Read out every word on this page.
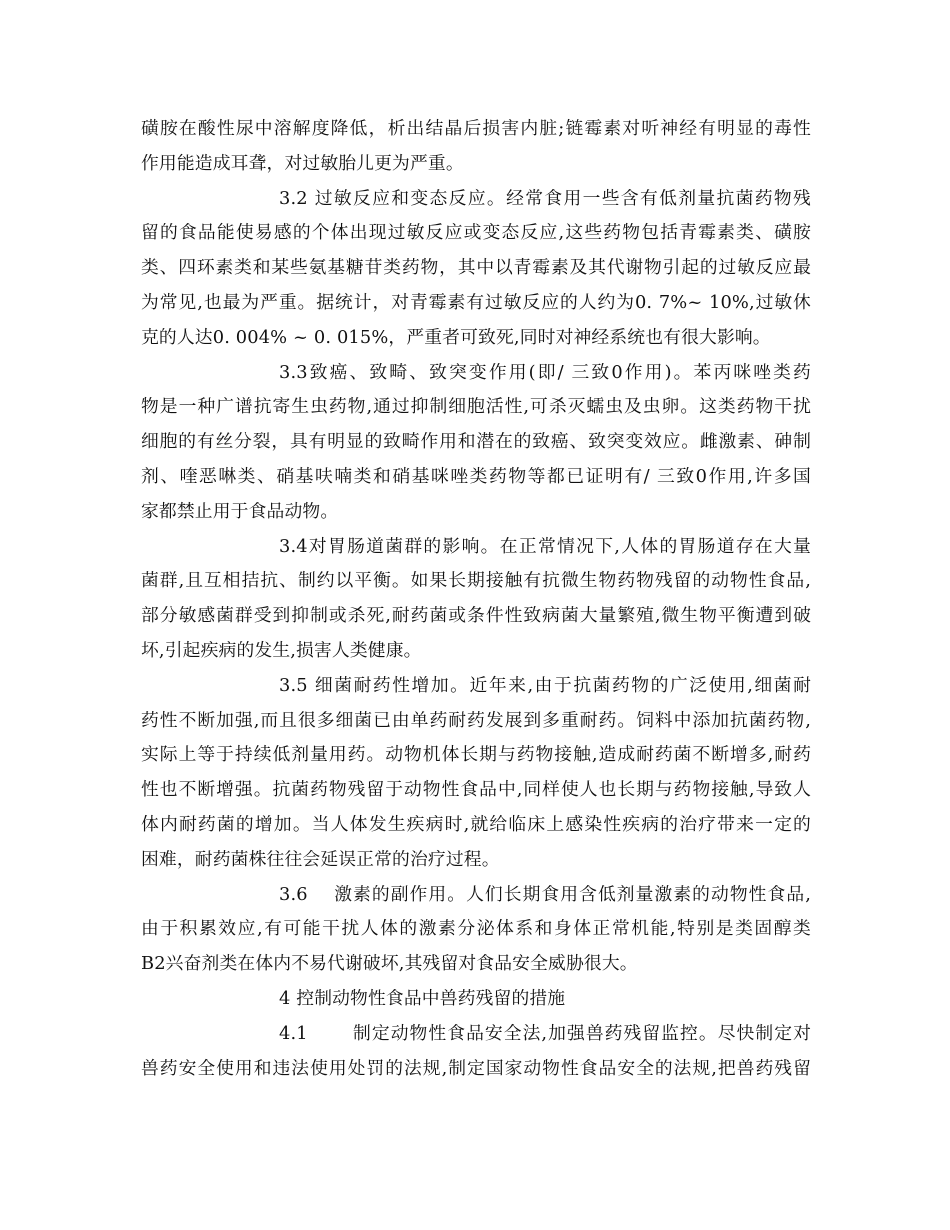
磺胺在酸性尿中溶解度降低，析出结晶后损害内脏;链霉素对听神经有明显的毒性
作用能造成耳聋，对过敏胎儿更为严重。
3.2 过敏反应和变态反应。经常食用一些含有低剂量抗菌药物残
留的食品能使易感的个体出现过敏反应或变态反应,这些药物包括青霉素类、磺胺
类、四环素类和某些氨基糖苷类药物，其中以青霉素及其代谢物引起的过敏反应最
为常见,也最为严重。据统计，对青霉素有过敏反应的人约为0. 7%~ 10%,过敏休
克的人达0. 004% ~ 0. 015%，严重者可致死,同时对神经系统也有很大影响。
3.3致癌、致畸、致突变作用(即/ 三致0作用)。苯丙咪唑类药
物是一种广谱抗寄生虫药物,通过抑制细胞活性,可杀灭蠕虫及虫卵。这类药物干扰
细胞的有丝分裂，具有明显的致畸作用和潜在的致癌、致突变效应。雌激素、砷制
剂、喹恶啉类、硝基呋喃类和硝基咪唑类药物等都已证明有/ 三致0作用,许多国
家都禁止用于食品动物。
3.4对胃肠道菌群的影响。在正常情况下,人体的胃肠道存在大量
菌群,且互相拮抗、制约以平衡。如果长期接触有抗微生物药物残留的动物性食品,
部分敏感菌群受到抑制或杀死,耐药菌或条件性致病菌大量繁殖,微生物平衡遭到破
坏,引起疾病的发生,损害人类健康。
3.5 细菌耐药性增加。近年来,由于抗菌药物的广泛使用,细菌耐
药性不断加强,而且很多细菌已由单药耐药发展到多重耐药。饲料中添加抗菌药物,
实际上等于持续低剂量用药。动物机体长期与药物接触,造成耐药菌不断增多,耐药
性也不断增强。抗菌药物残留于动物性食品中,同样使人也长期与药物接触,导致人
体内耐药菌的增加。当人体发生疾病时,就给临床上感染性疾病的治疗带来一定的
困难，耐药菌株往往会延误正常的治疗过程。
3.6　 激素的副作用。人们长期食用含低剂量激素的动物性食品,
由于积累效应,有可能干扰人体的激素分泌体系和身体正常机能,特别是类固醇类
B2兴奋剂类在体内不易代谢破坏,其残留对食品安全威胁很大。
4 控制动物性食品中兽药残留的措施
4.1　　 制定动物性食品安全法,加强兽药残留监控。尽快制定对
兽药安全使用和违法使用处罚的法规,制定国家动物性食品安全的法规,把兽药残留
